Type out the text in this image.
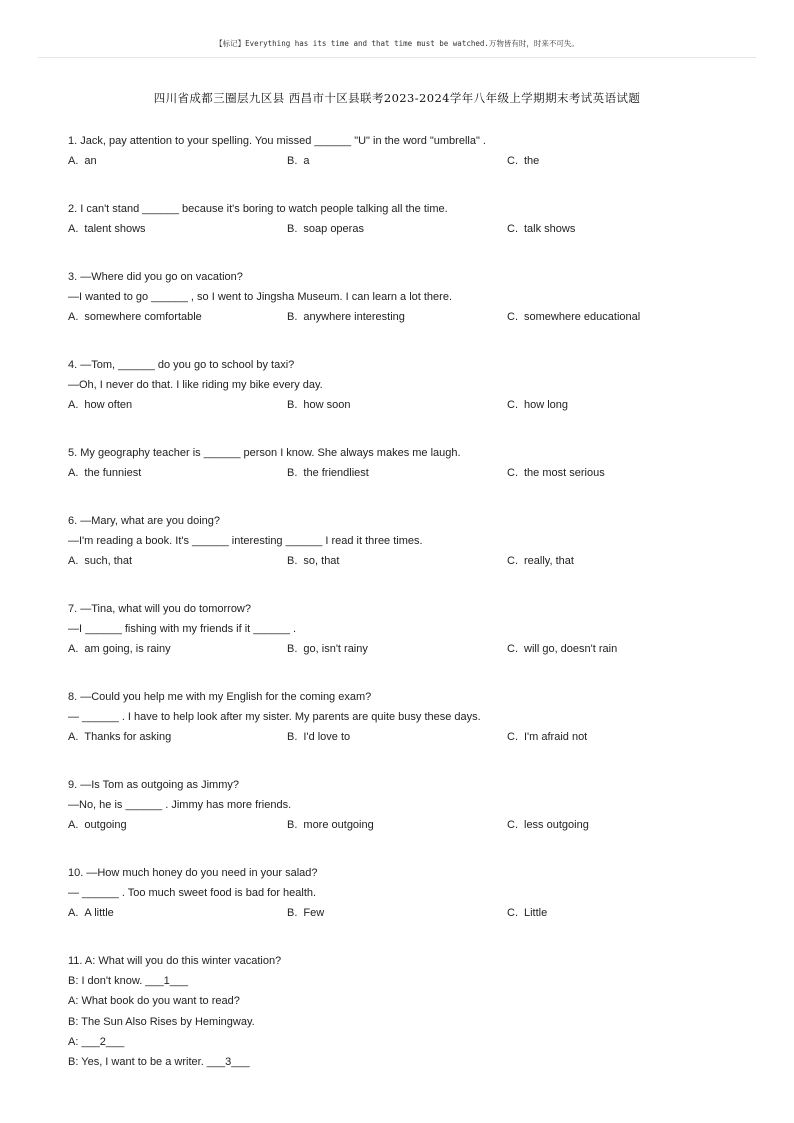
【标记】Everything has its time and that time must be watched.万物皆有时，时来不可失。
四川省成都三圈层九区县 西昌市十区县联考2023-2024学年八年级上学期期末考试英语试题
1. Jack, pay attention to your spelling. You missed ______ "U" in the word "umbrella" .
A. an	B. a	C. the
2. I can't stand ______ because it's boring to watch people talking all the time.
A. talent shows	B. soap operas	C. talk shows
3. —Where did you go on vacation?
—I wanted to go ______ , so I went to Jingsha Museum. I can learn a lot there.
A. somewhere comfortable	B. anywhere interesting	C. somewhere educational
4. —Tom, ______ do you go to school by taxi?
—Oh, I never do that. I like riding my bike every day.
A. how often	B. how soon	C. how long
5. My geography teacher is ______ person I know. She always makes me laugh.
A. the funniest	B. the friendliest	C. the most serious
6. —Mary, what are you doing?
—I'm reading a book. It's ______ interesting ______ I read it three times.
A. such, that	B. so, that	C. really, that
7. —Tina, what will you do tomorrow?
—I ______ fishing with my friends if it ______ .
A. am going, is rainy	B. go, isn't rainy	C. will go, doesn't rain
8. —Could you help me with my English for the coming exam?
— ______ . I have to help look after my sister. My parents are quite busy these days.
A. Thanks for asking	B. I'd love to	C. I'm afraid not
9. —Is Tom as outgoing as Jimmy?
—No, he is ______ . Jimmy has more friends.
A. outgoing	B. more outgoing	C. less outgoing
10. —How much honey do you need in your salad?
— ______ . Too much sweet food is bad for health.
A. A little	B. Few	C. Little
11. A: What will you do this winter vacation?
B: I don't know. ___1___
A: What book do you want to read?
B: The Sun Also Rises by Hemingway.
A: ___2___
B: Yes, I want to be a writer. ___3___
